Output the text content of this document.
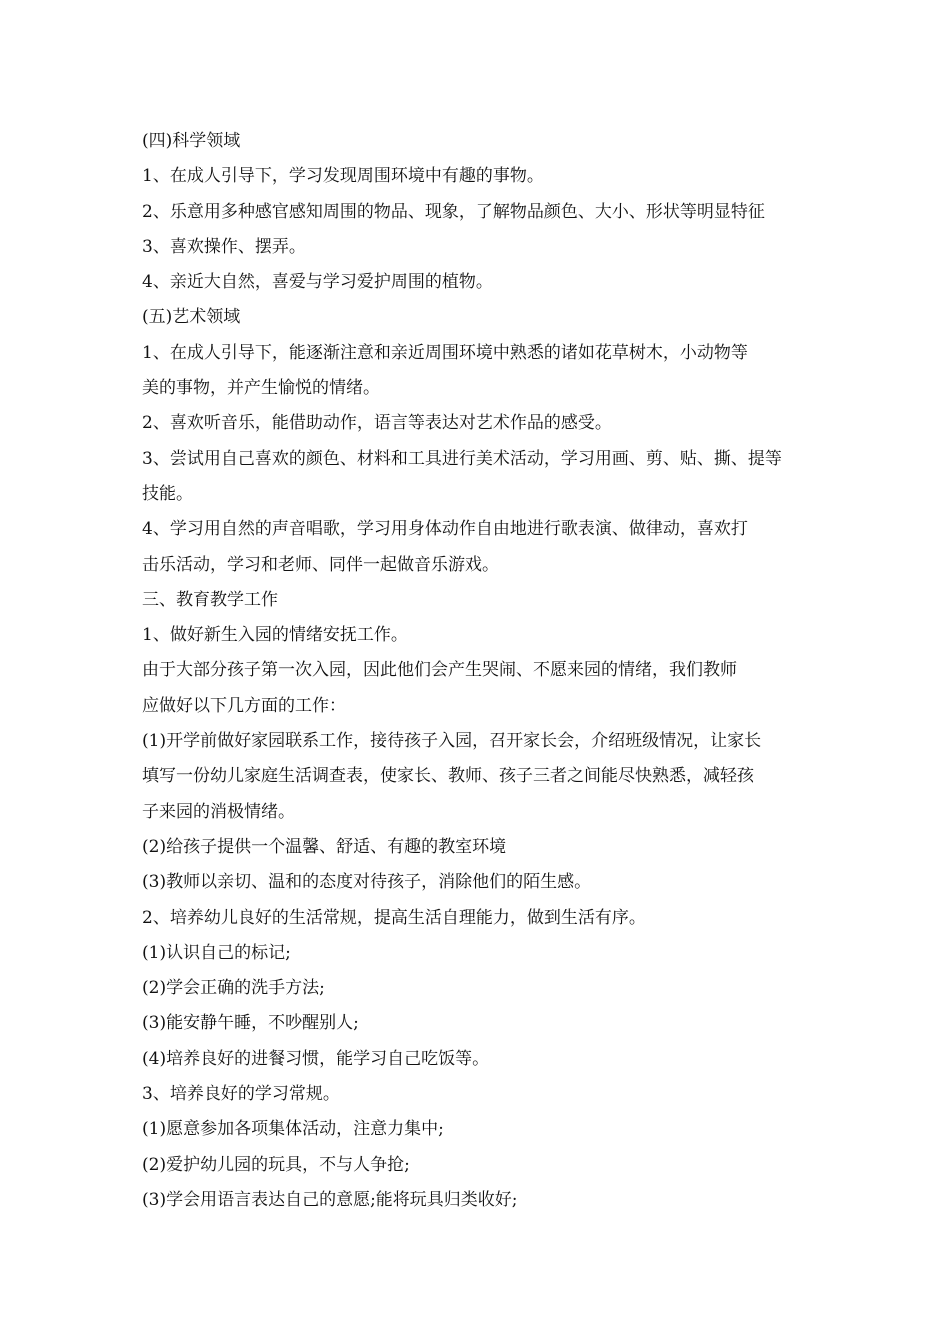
(四)科学领域
1、在成人引导下，学习发现周围环境中有趣的事物。
2、乐意用多种感官感知周围的物品、现象，了解物品颜色、大小、形状等明显特征
3、喜欢操作、摆弄。
4、亲近大自然，喜爱与学习爱护周围的植物。
(五)艺术领域
1、在成人引导下，能逐渐注意和亲近周围环境中熟悉的诸如花草树木，小动物等
美的事物，并产生愉悦的情绪。
2、喜欢听音乐，能借助动作，语言等表达对艺术作品的感受。
3、尝试用自己喜欢的颜色、材料和工具进行美术活动，学习用画、剪、贴、撕、提等
技能。
4、学习用自然的声音唱歌，学习用身体动作自由地进行歌表演、做律动，喜欢打
击乐活动，学习和老师、同伴一起做音乐游戏。
三、教育教学工作
1、做好新生入园的情绪安抚工作。
由于大部分孩子第一次入园，因此他们会产生哭闹、不愿来园的情绪，我们教师
应做好以下几方面的工作：
(1)开学前做好家园联系工作，接待孩子入园，召开家长会，介绍班级情况，让家长
填写一份幼儿家庭生活调查表，使家长、教师、孩子三者之间能尽快熟悉，减轻孩
子来园的消极情绪。
(2)给孩子提供一个温馨、舒适、有趣的教室环境
(3)教师以亲切、温和的态度对待孩子，消除他们的陌生感。
2、培养幼儿良好的生活常规，提高生活自理能力，做到生活有序。
(1)认识自己的标记;
(2)学会正确的洗手方法;
(3)能安静午睡，不吵醒别人;
(4)培养良好的进餐习惯，能学习自己吃饭等。
3、培养良好的学习常规。
(1)愿意参加各项集体活动，注意力集中;
(2)爱护幼儿园的玩具，不与人争抢;
(3)学会用语言表达自己的意愿;能将玩具归类收好;
